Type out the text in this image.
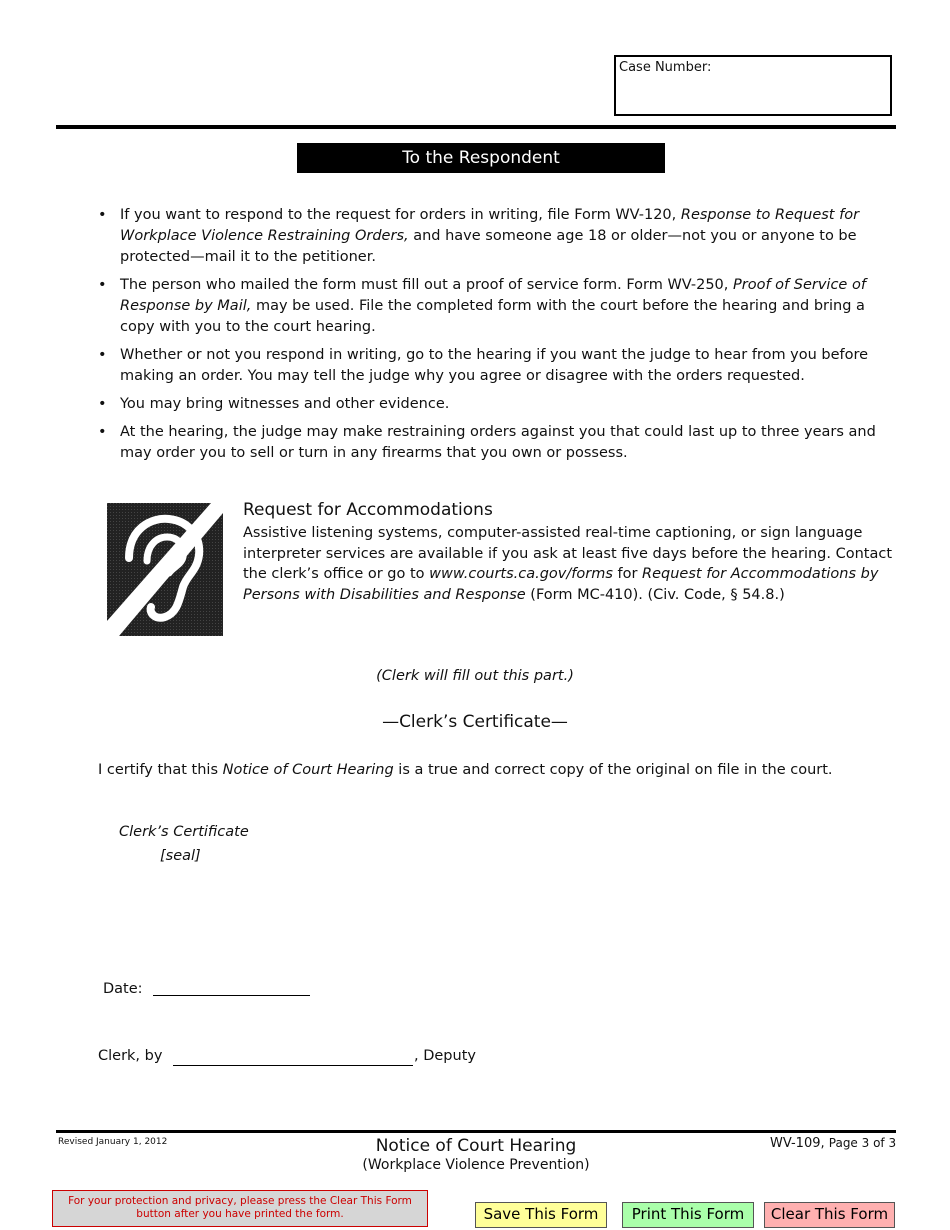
Case Number:
To the Respondent
• If you want to respond to the request for orders in writing, file Form WV-120, Response to Request for Workplace Violence Restraining Orders, and have someone age 18 or older—not you or anyone to be protected—mail it to the petitioner.
• The person who mailed the form must fill out a proof of service form. Form WV-250, Proof of Service of Response by Mail, may be used. File the completed form with the court before the hearing and bring a copy with you to the court hearing.
• Whether or not you respond in writing, go to the hearing if you want the judge to hear from you before making an order. You may tell the judge why you agree or disagree with the orders requested.
• You may bring witnesses and other evidence.
• At the hearing, the judge may make restraining orders against you that could last up to three years and may order you to sell or turn in any firearms that you own or possess.
Request for Accommodations
Assistive listening systems, computer-assisted real-time captioning, or sign language interpreter services are available if you ask at least five days before the hearing. Contact the clerk’s office or go to www.courts.ca.gov/forms for Request for Accommodations by Persons with Disabilities and Response (Form MC-410). (Civ. Code, § 54.8.)
(Clerk will fill out this part.)
—Clerk’s Certificate—
I certify that this Notice of Court Hearing is a true and correct copy of the original on file in the court.
Clerk’s Certificate
[seal]
Date:
Clerk, by	, Deputy
Revised January 1, 2012	Notice of Court Hearing
(Workplace Violence Prevention)
WV-109, Page 3 of 3
For your protection and privacy, please press the Clear This Form button after you have printed the form.	Save This Form	Print This Form	Clear This Form
